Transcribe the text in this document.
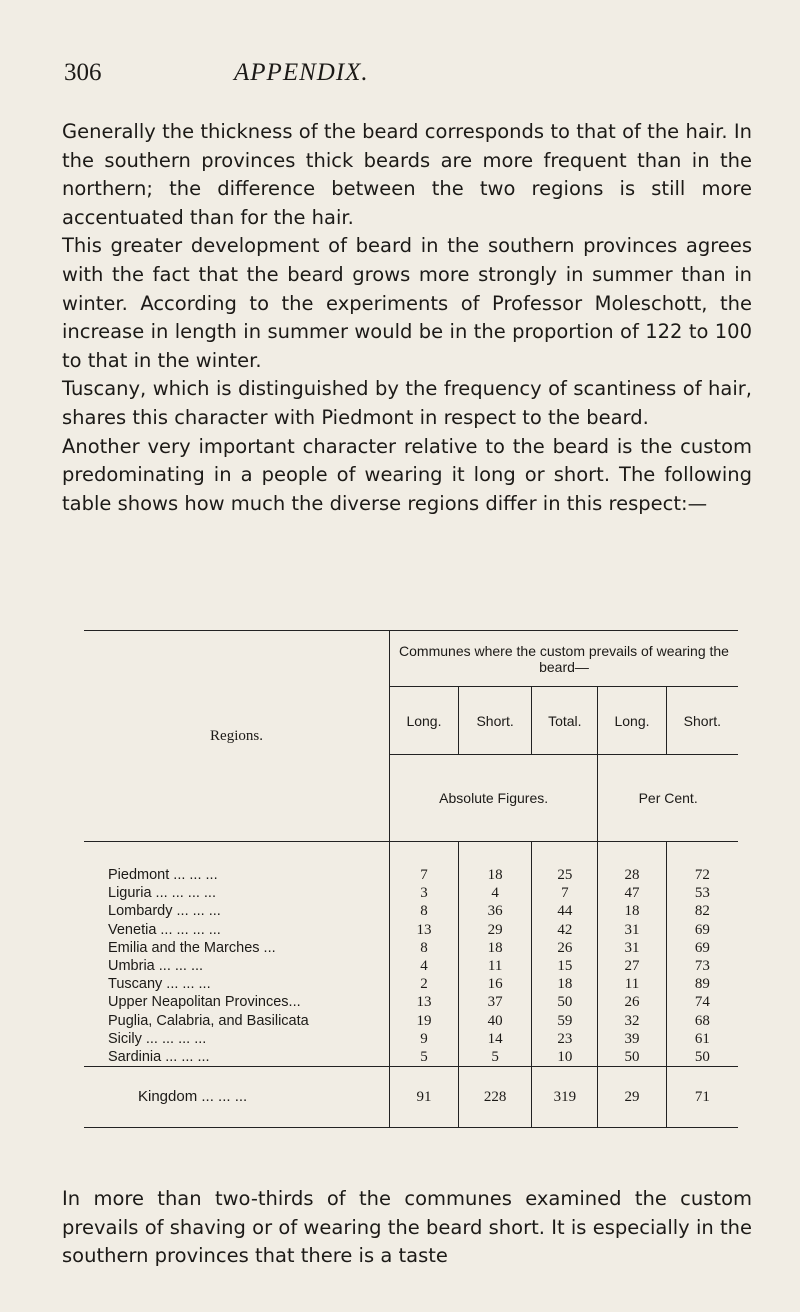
306	APPENDIX.

Generally the thickness of the beard corresponds to that of the hair. In the southern provinces thick beards are more frequent than in the northern; the difference between the two regions is still more accentuated than for the hair.

This greater development of beard in the southern provinces agrees with the fact that the beard grows more strongly in summer than in winter. According to the experiments of Professor Moleschott, the increase in length in summer would be in the proportion of 122 to 100 to that in the winter.

Tuscany, which is distinguished by the frequency of scantiness of hair, shares this character with Piedmont in respect to the beard.

Another very important character relative to the beard is the custom predominating in a people of wearing it long or short. The following table shows how much the diverse regions differ in this respect:—

Regions.	Communes where the custom prevails of wearing the beard—				
	Long.	Short.	Total.	Long.	Short.
	Absolute Figures.			Per Cent.	
Piedmont ... ... ...	7	18	25	28	72
Liguria ... ... ... ...	3	4	7	47	53
Lombardy ... ... ...	8	36	44	18	82
Venetia ... ... ... ...	13	29	42	31	69
Emilia and the Marches ...	8	18	26	31	69
Umbria ... ... ...	4	11	15	27	73
Tuscany ... ... ...	2	16	18	11	89
Upper Neapolitan Provinces...	13	37	50	26	74
Puglia, Calabria, and Basilicata	19	40	59	32	68
Sicily ... ... ... ...	9	14	23	39	61
Sardinia ... ... ...	5	5	10	50	50
Kingdom ... ... ...	91	228	319	29	71

In more than two-thirds of the communes examined the custom prevails of shaving or of wearing the beard short. It is especially in the southern provinces that there is a taste
